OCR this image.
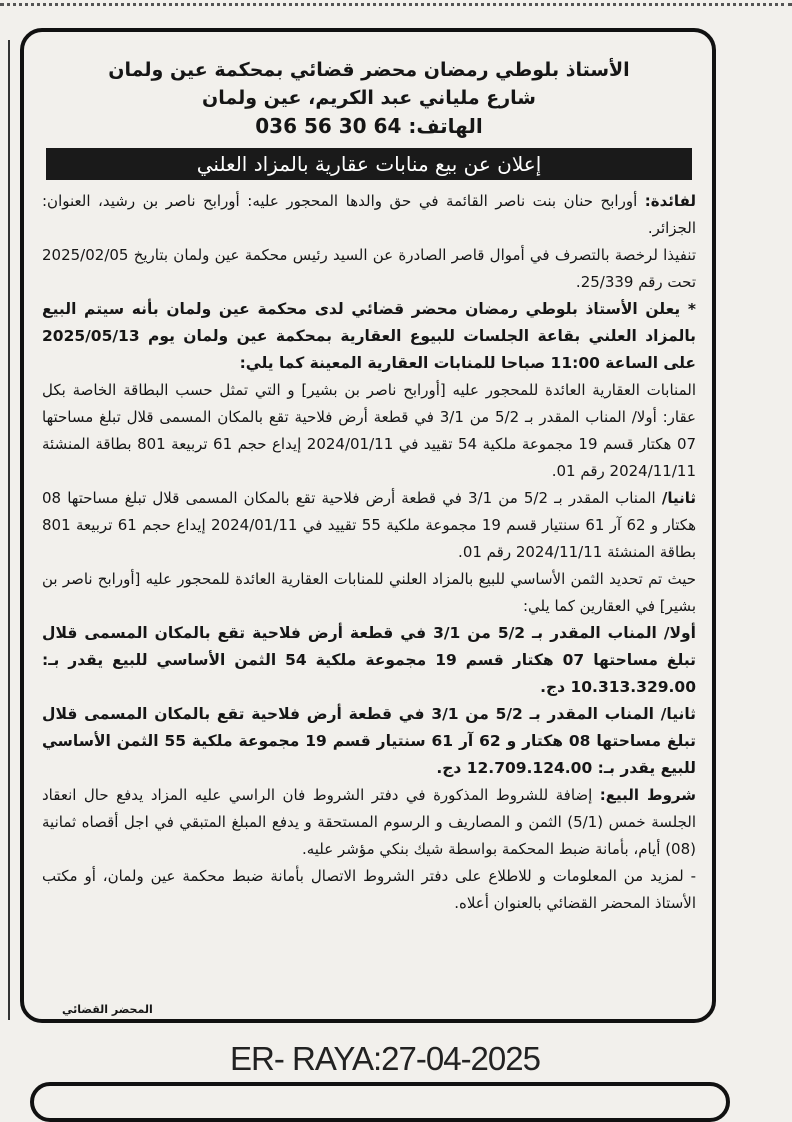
الأستاذ بلوطي رمضان محضر قضائي بمحكمة عين ولمان

شارع ملياني عبد الكريم، عين ولمان

الهاتف: 036 56 30 64

إعلان عن بيع منابات عقارية بالمزاد العلني

لفائدة: أورابح حنان بنت ناصر القائمة في حق والدها المحجور عليه: أورابح ناصر بن رشيد، العنوان: الجزائر.

تنفيذا لرخصة بالتصرف في أموال قاصر الصادرة عن السيد رئيس محكمة عين ولمان بتاريخ 2025/02/05 تحت رقم 25/339.

* يعلن الأستاذ بلوطي رمضان محضر قضائي لدى محكمة عين ولمان بأنه سيتم البيع بالمزاد العلني بقاعة الجلسات للبيوع العقارية بمحكمة عين ولمان يوم 2025/05/13 على الساعة 11:00 صباحا للمنابات العقارية المعينة كما يلي:

المنابات العقارية العائدة للمحجور عليه [أورابح ناصر بن بشير] و التي تمثل حسب البطاقة الخاصة بكل عقار: أولا/ المناب المقدر بـ 5/2 من 3/1 في قطعة أرض فلاحية تقع بالمكان المسمى قلال تبلغ مساحتها 07 هكتار قسم 19 مجموعة ملكية 54 تقييد في 2024/01/11 إيداع حجم 61 تربيعة 801 بطاقة المنشئة 2024/11/11 رقم 01.

ثانيا/ المناب المقدر بـ 5/2 من 3/1 في قطعة أرض فلاحية تقع بالمكان المسمى قلال تبلغ مساحتها 08 هكتار و 62 آر 61 سنتيار قسم 19 مجموعة ملكية 55 تقييد في 2024/01/11 إيداع حجم 61 تربيعة 801 بطاقة المنشئة 2024/11/11 رقم 01.

حيث تم تحديد الثمن الأساسي للبيع بالمزاد العلني للمنابات العقارية العائدة للمحجور عليه [أورابح ناصر بن بشير] في العقارين كما يلي:

أولا/ المناب المقدر بـ 5/2 من 3/1 في قطعة أرض فلاحية تقع بالمكان المسمى قلال تبلغ مساحتها 07 هكتار قسم 19 مجموعة ملكية 54 الثمن الأساسي للبيع يقدر بـ: 10.313.329.00 دج.

ثانيا/ المناب المقدر بـ 5/2 من 3/1 في قطعة أرض فلاحية تقع بالمكان المسمى قلال تبلغ مساحتها 08 هكتار و 62 آر 61 سنتيار قسم 19 مجموعة ملكية 55 الثمن الأساسي للبيع يقدر بـ: 12.709.124.00 دج.

شروط البيع: إضافة للشروط المذكورة في دفتر الشروط فان الراسي عليه المزاد يدفع حال انعقاد الجلسة خمس (5/1) الثمن و المصاريف و الرسوم المستحقة و يدفع المبلغ المتبقي في اجل أقصاه ثمانية (08) أيام، بأمانة ضبط المحكمة بواسطة شيك بنكي مؤشر عليه.

- لمزيد من المعلومات و للاطلاع على دفتر الشروط الاتصال بأمانة ضبط محكمة عين ولمان، أو مكتب الأستاذ المحضر القضائي بالعنوان أعلاه.

المحضر القضائي
ER- RAYA:27-04-2025
